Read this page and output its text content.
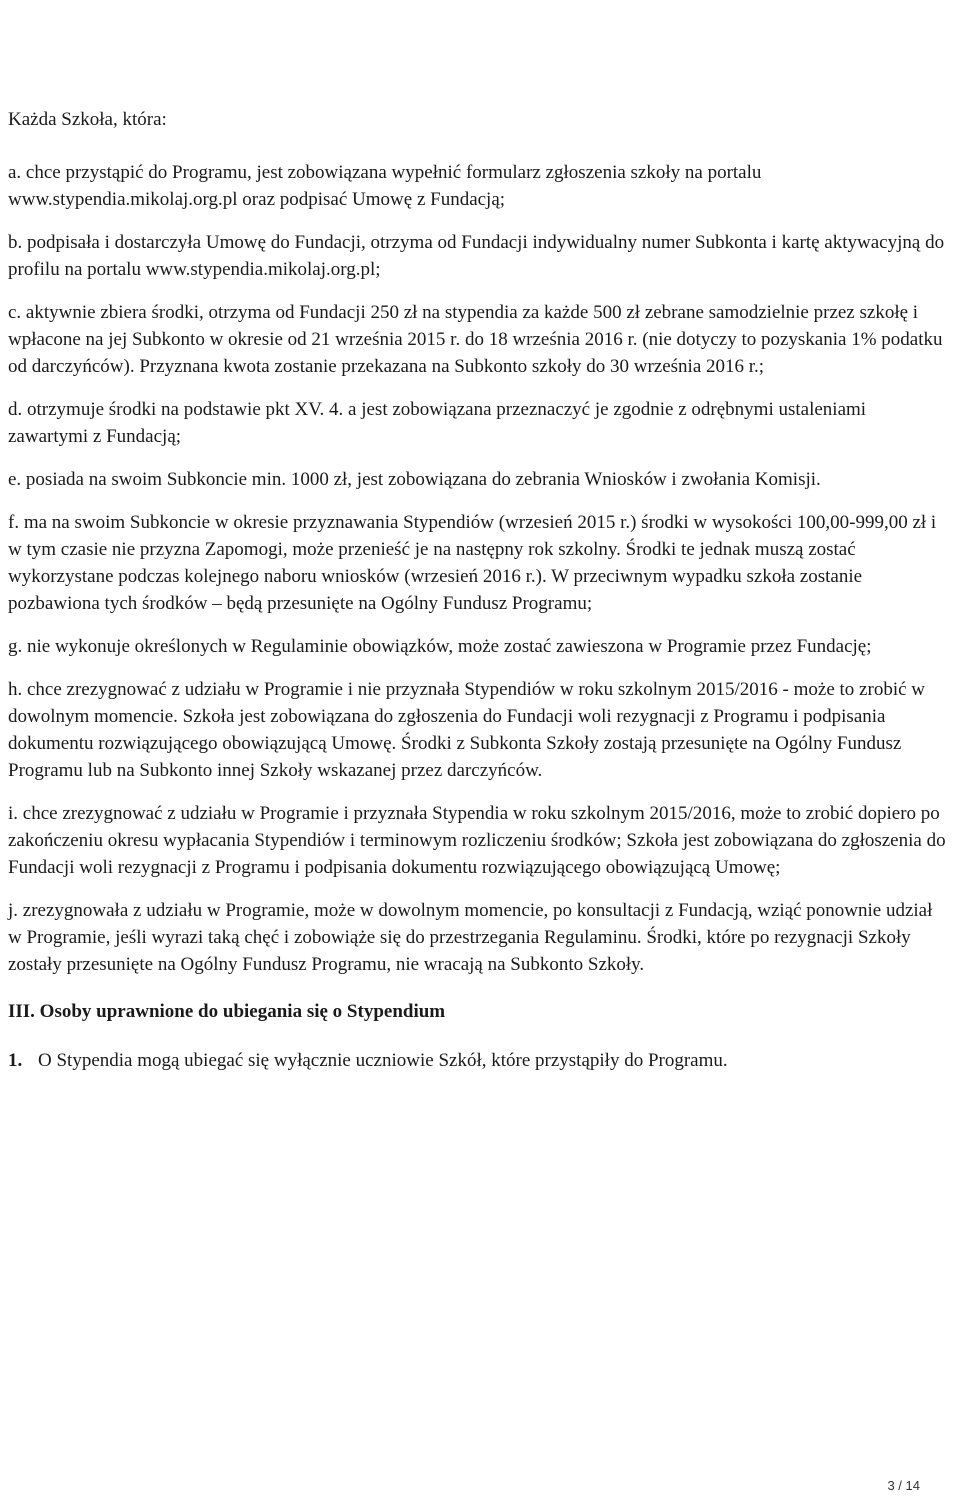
Każda Szkoła, która:

a. chce przystąpić do Programu, jest zobowiązana wypełnić formularz zgłoszenia szkoły na portalu www.stypendia.mikolaj.org.pl oraz podpisać Umowę z Fundacją;

b. podpisała i dostarczyła Umowę do Fundacji, otrzyma od Fundacji indywidualny numer Subkonta i kartę aktywacyjną do profilu na portalu www.stypendia.mikolaj.org.pl;

c. aktywnie zbiera środki, otrzyma od Fundacji 250 zł na stypendia za każde 500 zł zebrane samodzielnie przez szkołę i wpłacone na jej Subkonto w okresie od 21 września 2015 r. do 18 września 2016 r. (nie dotyczy to pozyskania 1% podatku od darczyńców). Przyznana kwota zostanie przekazana na Subkonto szkoły do 30 września 2016 r.;

d. otrzymuje środki na podstawie pkt XV. 4. a jest zobowiązana przeznaczyć je zgodnie z odrębnymi ustaleniami zawartymi z Fundacją;

e. posiada na swoim Subkoncie min. 1000 zł, jest zobowiązana do zebrania Wniosków i zwołania Komisji.

f. ma na swoim Subkoncie w okresie przyznawania Stypendiów (wrzesień 2015 r.) środki w wysokości 100,00‑999,00 zł i w tym czasie nie przyzna Zapomogi, może przenieść je na następny rok szkolny. Środki te jednak muszą zostać wykorzystane podczas kolejnego naboru wniosków (wrzesień 2016 r.). W przeciwnym wypadku szkoła zostanie pozbawiona tych środków – będą przesunięte na Ogólny Fundusz Programu;

g. nie wykonuje określonych w Regulaminie obowiązków, może zostać zawieszona w Programie przez Fundację;

h. chce zrezygnować z udziału w Programie i nie przyznała Stypendiów w roku szkolnym 2015/2016 - może to zrobić w dowolnym momencie. Szkoła jest zobowiązana do zgłoszenia do Fundacji woli rezygnacji z Programu i podpisania dokumentu rozwiązującego obowiązującą Umowę. Środki z Subkonta Szkoły zostają przesunięte na Ogólny Fundusz Programu lub na Subkonto innej Szkoły wskazanej przez darczyńców.

i. chce zrezygnować z udziału w Programie i przyznała Stypendia w roku szkolnym 2015/2016, może to zrobić dopiero po zakończeniu okresu wypłacania Stypendiów i terminowym rozliczeniu środków; Szkoła jest zobowiązana do zgłoszenia do Fundacji woli rezygnacji z Programu i podpisania dokumentu rozwiązującego obowiązującą Umowę;

j. zrezygnowała z udziału w Programie, może w dowolnym momencie, po konsultacji z Fundacją, wziąć ponownie udział w Programie, jeśli wyrazi taką chęć i zobowiąże się do przestrzegania Regulaminu. Środki, które po rezygnacji Szkoły zostały przesunięte na Ogólny Fundusz Programu, nie wracają na Subkonto Szkoły.

III. Osoby uprawnione do ubiegania się o Stypendium
1. O Stypendia mogą ubiegać się wyłącznie uczniowie Szkół, które przystąpiły do Programu.
3 / 14
